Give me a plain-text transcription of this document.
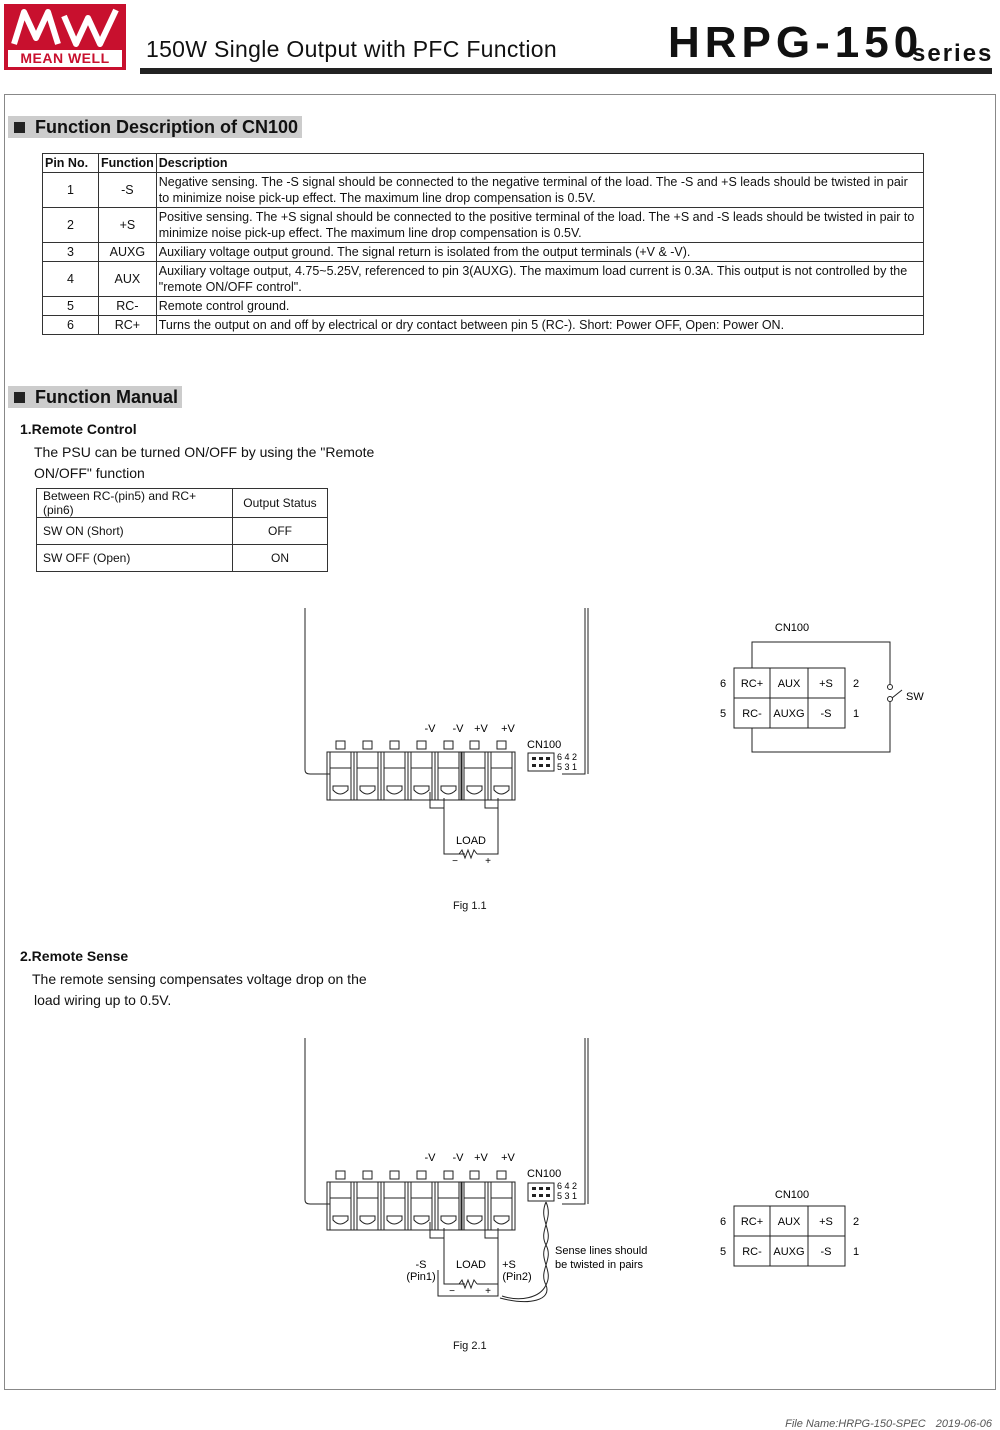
MEAN WELL	150W Single Output with PFC Function	HRPG-150
series
Function Description of CN100
Pin No.	Function	Description
1	-S	Negative sensing. The -S signal should be connected to the negative terminal of the load. The -S and +S leads should be twisted in pair to minimize noise pick-up effect. The maximum line drop compensation is 0.5V.
2	+S	Positive sensing. The +S signal should be connected to the positive terminal of the load. The +S and -S leads should be twisted in pair to minimize noise pick-up effect. The maximum line drop compensation is 0.5V.
3	AUXG	Auxiliary voltage output ground. The signal return is isolated from the output terminals (+V & -V).
4	AUX	Auxiliary voltage output, 4.75~5.25V, referenced to pin 3(AUXG). The maximum load current is 0.3A. This output is not controlled by the "remote ON/OFF control".
5	RC-	Remote control ground.
6	RC+	Turns the output on and off by electrical or dry contact between pin 5 (RC-). Short: Power OFF, Open: Power ON.
Function Manual
1.Remote Control
The PSU can be turned ON/OFF by using the "Remote
ON/OFF" function
Between RC-(pin5) and RC+(pin6)	Output Status
SW ON (Short)	OFF
SW OFF (Open)	ON
-V -V +V +V
CN100
6 4 2
5 3 1
LOAD
−	+
Fig 1.1
CN100
6 RC+ AUX +S 2
5 RC- AUXG -S 1
SW
2.Remote Sense
The remote sensing compensates voltage drop on the
load wiring up to 0.5V.
-V -V +V +V
CN100
6 4 2
5 3 1
-S
(Pin1)
LOAD +S
(Pin2)
−	+
Sense lines should
be twisted in pairs
Fig 2.1
CN100
6 RC+ AUX +S 2
5 RC- AUXG -S 1
File Name:HRPG-150-SPEC 2019-06-06
